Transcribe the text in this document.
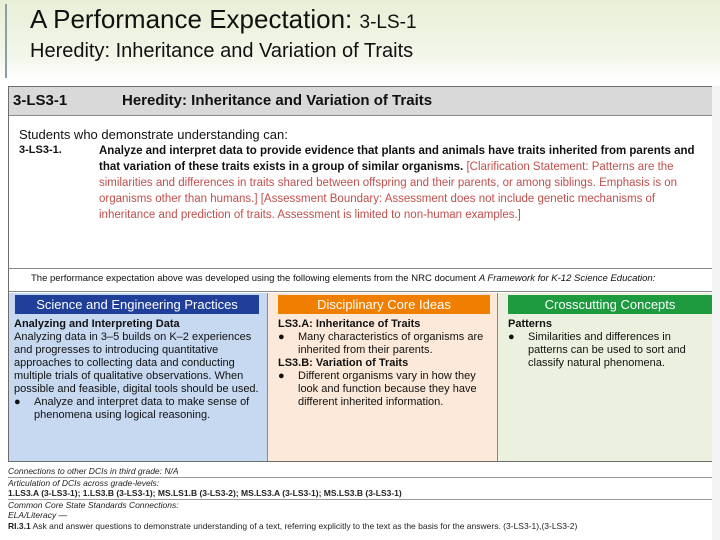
A Performance Expectation: 3-LS-1
Heredity: Inheritance and Variation of Traits
3-LS3-1	Heredity: Inheritance and Variation of Traits
Students who demonstrate understanding can:
3-LS3-1.	Analyze and interpret data to provide evidence that plants and animals have traits inherited from parents and that variation of these traits exists in a group of similar organisms. [Clarification Statement: Patterns are the similarities and differences in traits shared between offspring and their parents, or among siblings. Emphasis is on organisms other than humans.] [Assessment Boundary: Assessment does not include genetic mechanisms of inheritance and prediction of traits. Assessment is limited to non-human examples.]
The performance expectation above was developed using the following elements from the NRC document A Framework for K-12 Science Education:
Science and Engineering Practices
Analyzing and Interpreting Data
Analyzing data in 3–5 builds on K–2 experiences and progresses to introducing quantitative approaches to collecting data and conducting multiple trials of qualitative observations. When possible and feasible, digital tools should be used.
● Analyze and interpret data to make sense of phenomena using logical reasoning.
Disciplinary Core Ideas
LS3.A: Inheritance of Traits
● Many characteristics of organisms are inherited from their parents.
LS3.B: Variation of Traits
● Different organisms vary in how they look and function because they have different inherited information.
Crosscutting Concepts
Patterns
● Similarities and differences in patterns can be used to sort and classify natural phenomena.
Connections to other DCIs in third grade: N/A
Articulation of DCIs across grade-levels:
1.LS3.A (3-LS3-1); 1.LS3.B (3-LS3-1); MS.LS1.B (3-LS3-2); MS.LS3.A (3-LS3-1); MS.LS3.B (3-LS3-1)
Common Core State Standards Connections:
ELA/Literacy —
RI.3.1 Ask and answer questions to demonstrate understanding of a text, referring explicitly to the text as the basis for the answers. (3-LS3-1),(3-LS3-2)
